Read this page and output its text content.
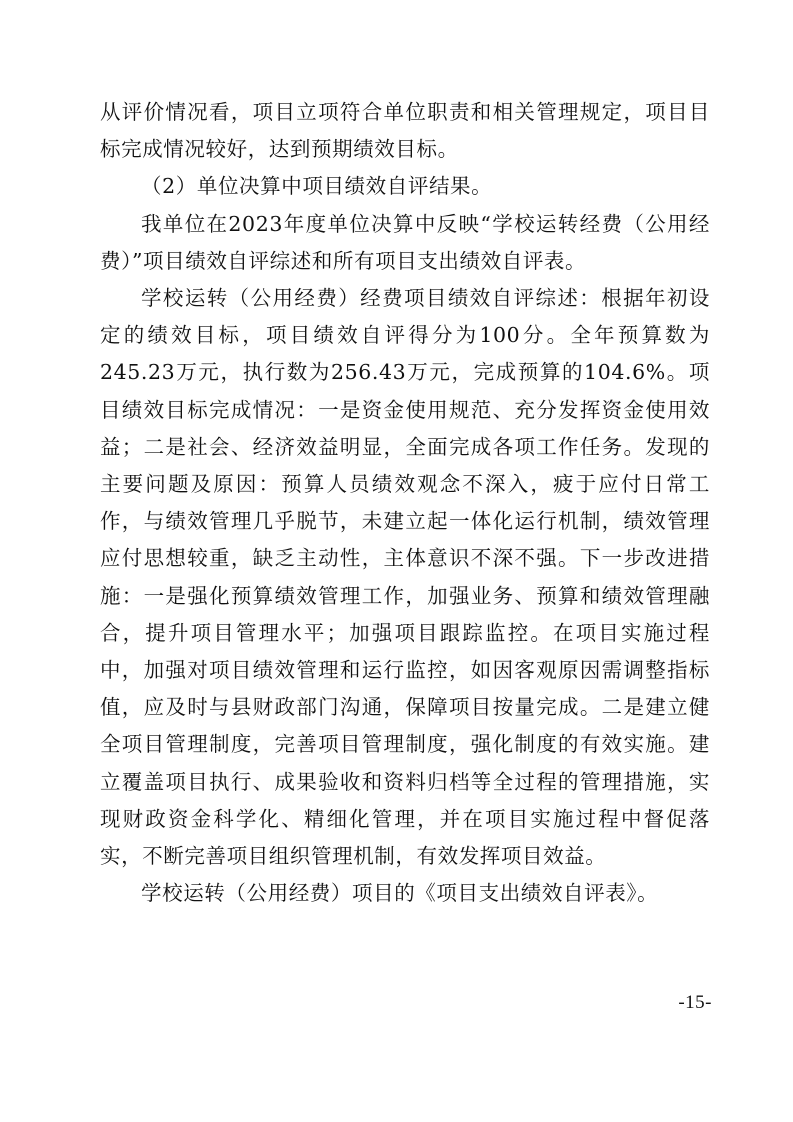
从评价情况看，项目立项符合单位职责和相关管理规定，项目目标完成情况较好，达到预期绩效目标。

（2）单位决算中项目绩效自评结果。

我单位在2023年度单位决算中反映“学校运转经费（公用经费）”项目绩效自评综述和所有项目支出绩效自评表。

学校运转（公用经费）经费项目绩效自评综述：根据年初设定的绩效目标，项目绩效自评得分为100分。全年预算数为245.23万元，执行数为256.43万元，完成预算的104.6%。项目绩效目标完成情况：一是资金使用规范、充分发挥资金使用效益；二是社会、经济效益明显，全面完成各项工作任务。发现的主要问题及原因：预算人员绩效观念不深入，疲于应付日常工作，与绩效管理几乎脱节，未建立起一体化运行机制，绩效管理应付思想较重，缺乏主动性，主体意识不深不强。下一步改进措施：一是强化预算绩效管理工作，加强业务、预算和绩效管理融合，提升项目管理水平；加强项目跟踪监控。在项目实施过程中，加强对项目绩效管理和运行监控，如因客观原因需调整指标值，应及时与县财政部门沟通，保障项目按量完成。二是建立健全项目管理制度，完善项目管理制度，强化制度的有效实施。建立覆盖项目执行、成果验收和资料归档等全过程的管理措施，实现财政资金科学化、精细化管理，并在项目实施过程中督促落实，不断完善项目组织管理机制，有效发挥项目效益。

学校运转（公用经费）项目的《项目支出绩效自评表》。

-15-
